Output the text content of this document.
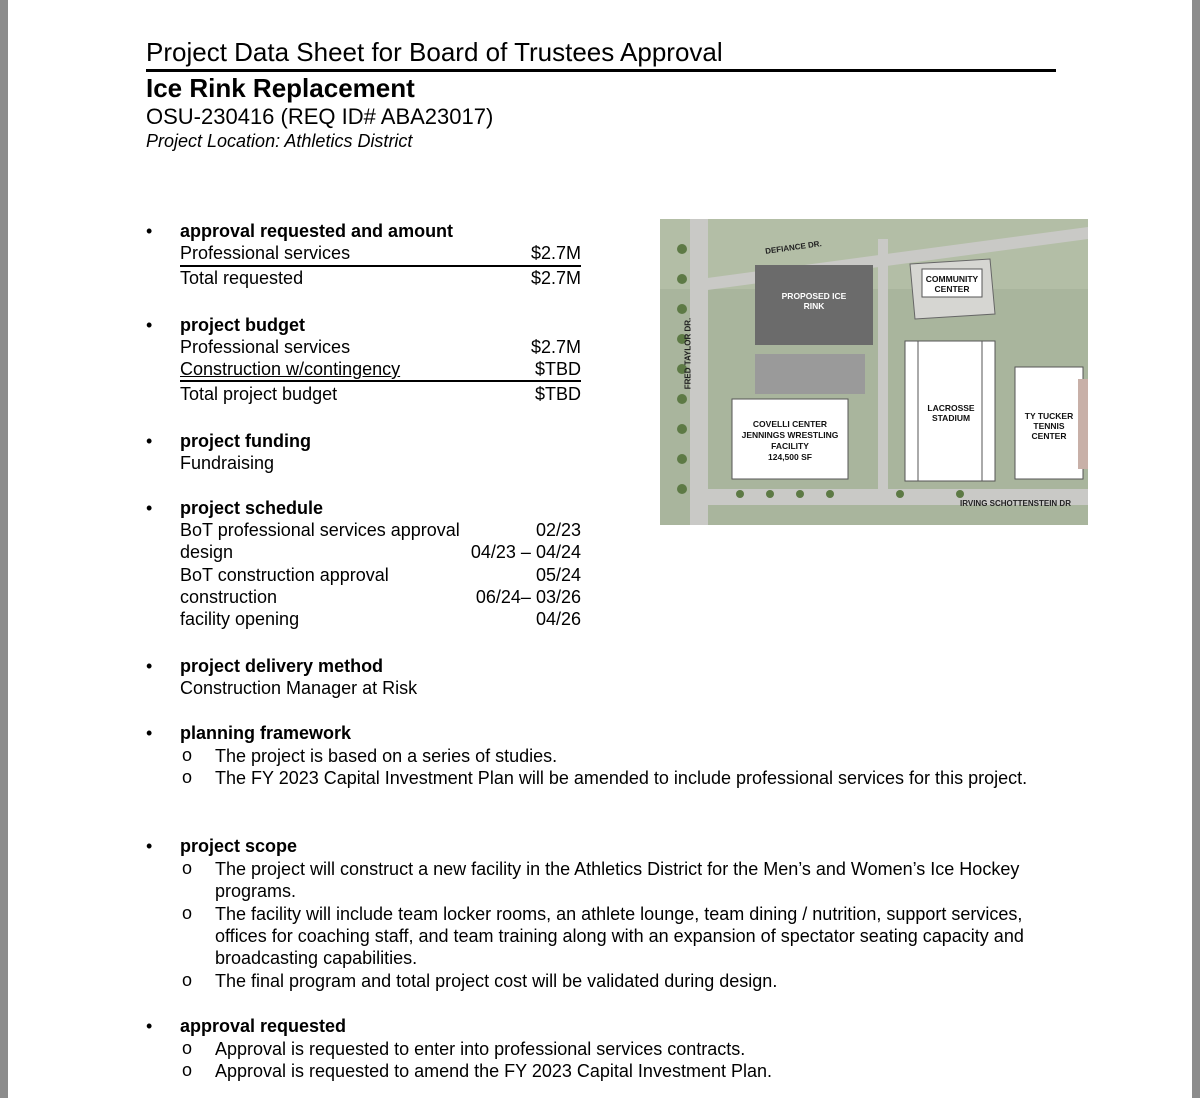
Project Data Sheet for Board of Trustees Approval
Ice Rink Replacement
OSU-230416 (REQ ID# ABA23017)
Project Location: Athletics District
• approval requested and amount
Professional services	$2.7M
Total requested	$2.7M
• project budget
Professional services	$2.7M
Construction w/contingency	$TBD
Total project budget	$TBD
• project funding
Fundraising
• project schedule
BoT professional services approval	02/23
design	04/23 – 04/24
BoT construction approval	05/24
construction	06/24– 03/26
facility opening	04/26
• project delivery method
Construction Manager at Risk
• planning framework
o The project is based on a series of studies.
o The FY 2023 Capital Investment Plan will be amended to include professional services for this project.
• project scope
o The project will construct a new facility in the Athletics District for the Men’s and Women’s Ice Hockey programs.
o The facility will include team locker rooms, an athlete lounge, team dining / nutrition, support services, offices for coaching staff, and team training along with an expansion of spectator seating capacity and broadcasting capabilities.
o The final program and total project cost will be validated during design.
• approval requested
o Approval is requested to enter into professional services contracts.
o Approval is requested to amend the FY 2023 Capital Investment Plan.
DEFIANCE DR.
FRED TAYLOR DR.
IRVING SCHOTTENSTEIN DR
PROPOSED ICE RINK
COMMUNITY CENTER
COVELLI CENTER
JENNINGS WRESTLING
FACILITY
124,500 SF
LACROSSE STADIUM	TY TUCKER TENNIS CENTER
